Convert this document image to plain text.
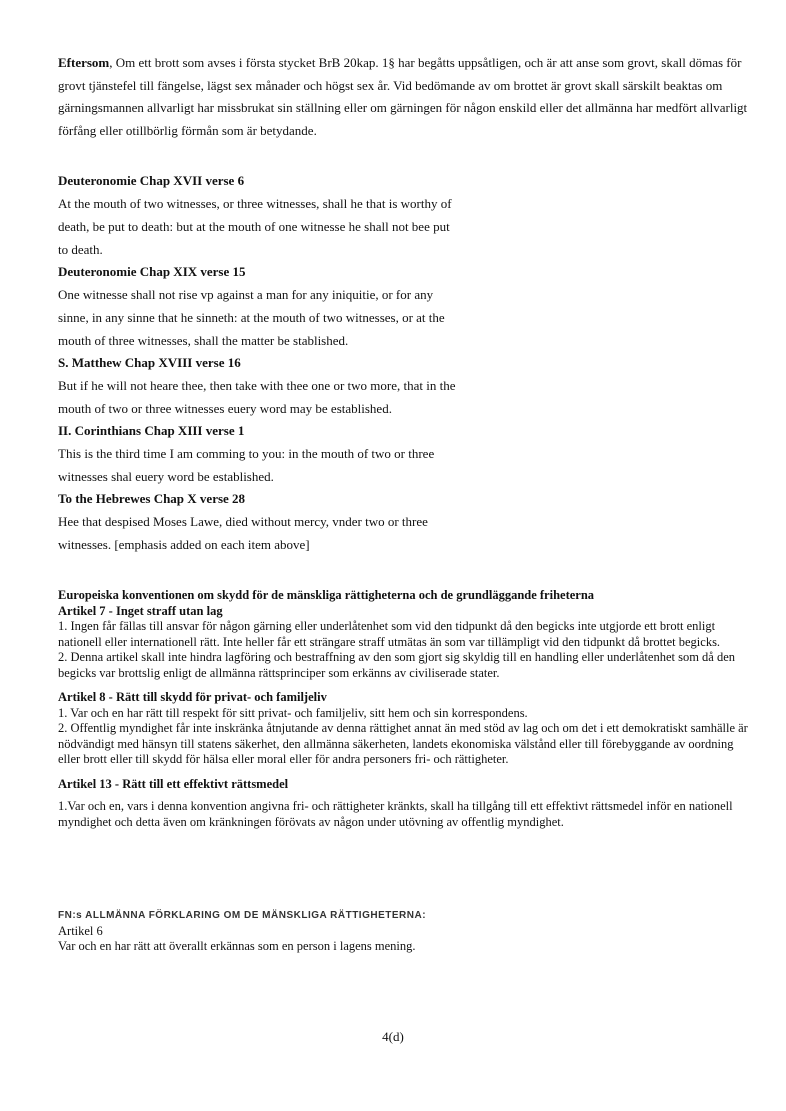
Eftersom, Om ett brott som avses i första stycket BrB 20kap. 1§ har begåtts uppsåtligen, och är att anse som grovt, skall dömas för grovt tjänstefel till fängelse, lägst sex månader och högst sex år. Vid bedömande av om brottet är grovt skall särskilt beaktas om gärningsmannen allvarligt har missbrukat sin ställning eller om gärningen för någon enskild eller det allmänna har medfört allvarligt förfång eller otillbörlig förmån som är betydande.

Deuteronomie Chap XVII verse 6
At the mouth of two witnesses, or three witnesses, shall he that is worthy of
death, be put to death: but at the mouth of one witnesse he shall not bee put
to death.
Deuteronomie Chap XIX verse 15
One witnesse shall not rise vp against a man for any iniquitie, or for any
sinne, in any sinne that he sinneth: at the mouth of two witnesses, or at the
mouth of three witnesses, shall the matter be stablished.
S. Matthew Chap XVIII verse 16
But if he will not heare thee, then take with thee one or two more, that in the
mouth of two or three witnesses euery word may be established.
II. Corinthians Chap XIII verse 1
This is the third time I am comming to you: in the mouth of two or three
witnesses shal euery word be established.
To the Hebrewes Chap X verse 28
Hee that despised Moses Lawe, died without mercy, vnder two or three
witnesses. [emphasis added on each item above]
Europeiska konventionen om skydd för de mänskliga rättigheterna och de grundläggande friheterna
Artikel 7 - Inget straff utan lag

1. Ingen får fällas till ansvar för någon gärning eller underlåtenhet som vid den tidpunkt då den begicks inte utgjorde ett brott enligt nationell eller internationell rätt. Inte heller får ett strängare straff utmätas än som var tillämpligt vid den tidpunkt då brottet begicks.

2. Denna artikel skall inte hindra lagföring och bestraffning av den som gjort sig skyldig till en handling eller underlåtenhet som då den begicks var brottslig enligt de allmänna rättsprinciper som erkänns av civiliserade stater.

Artikel 8 - Rätt till skydd för privat- och familjeliv

1. Var och en har rätt till respekt för sitt privat- och familjeliv, sitt hem och sin korrespondens.

2. Offentlig myndighet får inte inskränka åtnjutande av denna rättighet annat än med stöd av lag och om det i ett demokratiskt samhälle är nödvändigt med hänsyn till statens säkerhet, den allmänna säkerheten, landets ekonomiska välstånd eller till förebyggande av oordning eller brott eller till skydd för hälsa eller moral eller för andra personers fri- och rättigheter.

Artikel 13 - Rätt till ett effektivt rättsmedel

1.Var och en, vars i denna konvention angivna fri- och rättigheter kränkts, skall ha tillgång till ett effektivt rättsmedel inför en nationell myndighet och detta även om kränkningen förövats av någon under utövning av offentlig myndighet.

FN:s ALLMÄNNA FÖRKLARING OM DE MÄNSKLIGA RÄTTIGHETERNA:
Artikel 6
Var och en har rätt att överallt erkännas som en person i lagens mening.
4(d)
